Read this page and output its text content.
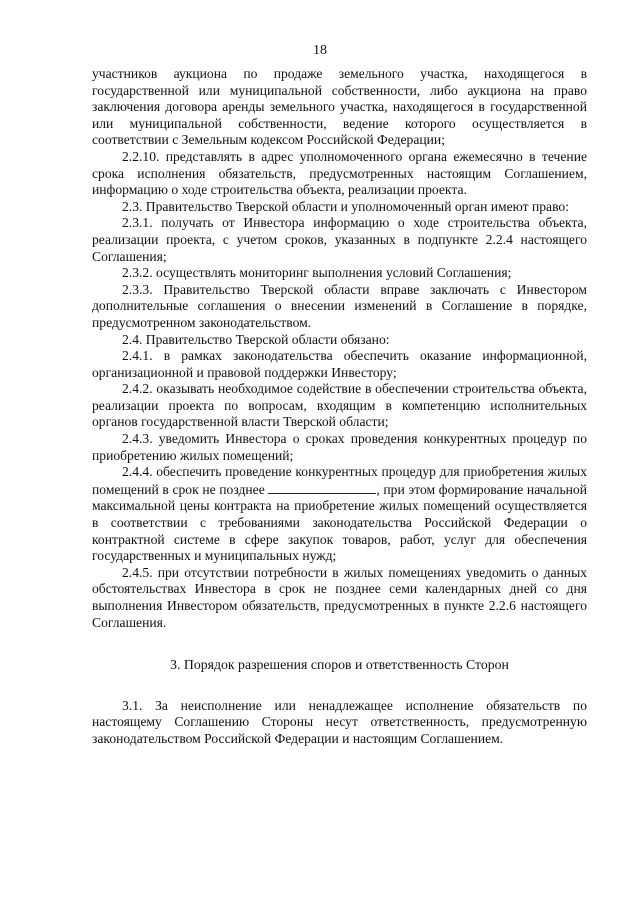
18

участников аукциона по продаже земельного участка, находящегося в государственной или муниципальной собственности, либо аукциона на право заключения договора аренды земельного участка, находящегося в государственной или муниципальной собственности, ведение которого осуществляется в соответствии с Земельным кодексом Российской Федерации;

2.2.10. представлять в адрес уполномоченного органа ежемесячно в течение срока исполнения обязательств, предусмотренных настоящим Соглашением, информацию о ходе строительства объекта, реализации проекта.

2.3. Правительство Тверской области и уполномоченный орган имеют право:

2.3.1. получать от Инвестора информацию о ходе строительства объекта, реализации проекта, с учетом сроков, указанных в подпункте 2.2.4 настоящего Соглашения;

2.3.2. осуществлять мониторинг выполнения условий Соглашения;

2.3.3. Правительство Тверской области вправе заключать с Инвестором дополнительные соглашения о внесении изменений в Соглашение в порядке, предусмотренном законодательством.

2.4. Правительство Тверской области обязано:

2.4.1. в рамках законодательства обеспечить оказание информационной, организационной и правовой поддержки Инвестору;

2.4.2. оказывать необходимое содействие в обеспечении строительства объекта, реализации проекта по вопросам, входящим в компетенцию исполнительных органов государственной власти Тверской области;

2.4.3. уведомить Инвестора о сроках проведения конкурентных процедур по приобретению жилых помещений;

2.4.4. обеспечить проведение конкурентных процедур для приобретения жилых помещений в срок не позднее	, при этом формирование начальной максимальной цены контракта на приобретение жилых помещений осуществляется в соответствии с требованиями законодательства Российской Федерации о контрактной системе в сфере закупок товаров, работ, услуг для обеспечения государственных и муниципальных нужд;

2.4.5. при отсутствии потребности в жилых помещениях уведомить о данных обстоятельствах Инвестора в срок не позднее семи календарных дней со дня выполнения Инвестором обязательств, предусмотренных в пункте 2.2.6 настоящего Соглашения.

3. Порядок разрешения споров и ответственность Сторон

3.1. За неисполнение или ненадлежащее исполнение обязательств по настоящему Соглашению Стороны несут ответственность, предусмотренную законодательством Российской Федерации и настоящим Соглашением.
